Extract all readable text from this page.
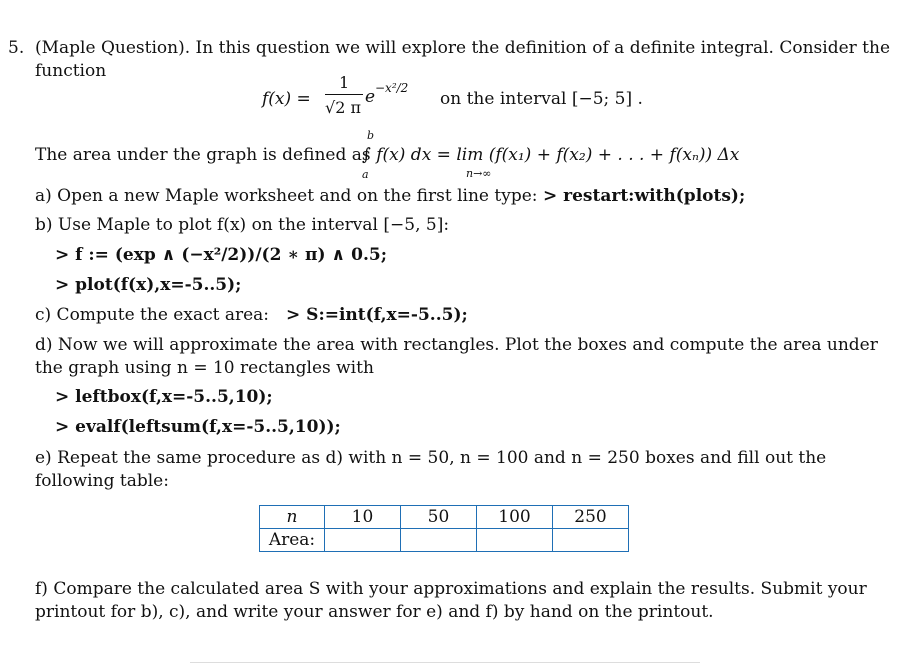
5. (Maple Question). In this question we will explore the definition of a definite integral. Consider the
function
f(x) =
1
√2 π
e −x²/2
on the interval [−5; 5] .
The area under the graph is defined as
b
a
∫ f(x) dx = lim (f(x₁) + f(x₂) + . . . + f(xₙ)) Δx
n→∞
a) Open a new Maple worksheet and on the first line type: > restart:with(plots);
b) Use Maple to plot f(x) on the interval [−5, 5]:
> f := (exp ∧ (−x²/2))/(2 ∗ π) ∧ 0.5;
> plot(f(x),x=-5..5);
c) Compute the exact area: > S:=int(f,x=-5..5);
d) Now we will approximate the area with rectangles. Plot the boxes and compute the area under
the graph using n = 10 rectangles with
> leftbox(f,x=-5..5,10);
> evalf(leftsum(f,x=-5..5,10));
e) Repeat the same procedure as d) with n = 50, n = 100 and n = 250 boxes and fill out the
following table:
n	10	50	100	250
Area:				
f) Compare the calculated area S with your approximations and explain the results. Submit your
printout for b), c), and write your answer for e) and f) by hand on the printout.
